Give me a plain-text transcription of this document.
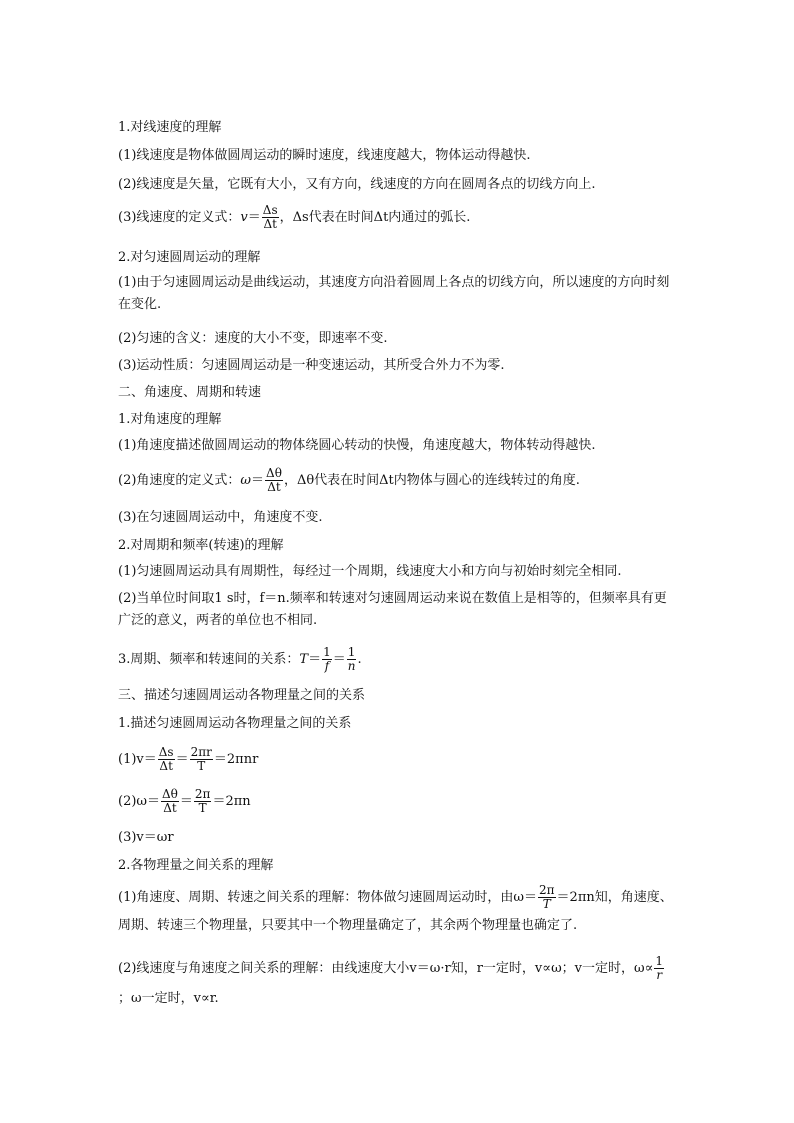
1.对线速度的理解
(1)线速度是物体做圆周运动的瞬时速度，线速度越大，物体运动得越快.
(2)线速度是矢量，它既有大小，又有方向，线速度的方向在圆周各点的切线方向上.
(3)线速度的定义式：$v= \frac{\Delta s}{\Delta t}$ ，Δs代表在时间Δt内通过的弧长.
2.对匀速圆周运动的理解
(1)由于匀速圆周运动是曲线运动，其速度方向沿着圆周上各点的切线方向，所以速度的方向时刻在变化.
(2)匀速的含义：速度的大小不变，即速率不变.
(3)运动性质：匀速圆周运动是一种变速运动，其所受合外力不为零.
二、角速度、周期和转速
1.对角速度的理解
(1)角速度描述做圆周运动的物体绕圆心转动的快慢，角速度越大，物体转动得越快.
(2)角速度的定义式：$\omega= \frac{\Delta\theta}{\Delta t}$ ，Δθ代表在时间Δt内物体与圆心的连线转过的角度.
(3)在匀速圆周运动中，角速度不变.
2.对周期和频率(转速)的理解
(1)匀速圆周运动具有周期性，每经过一个周期，线速度大小和方向与初始时刻完全相同.
(2)当单位时间取1 s时，f＝n.频率和转速对匀速圆周运动来说在数值上是相等的，但频率具有更广泛的意义，两者的单位也不相同.
3.周期、频率和转速间的关系：$T= \frac{1}{f} = \frac{1}{n}$ .
三、描述匀速圆周运动各物理量之间的关系
1.描述匀速圆周运动各物理量之间的关系
$(1)v= \frac{\Delta s}{\Delta t} = \frac{2\pi r}{T} =2\pi nr$
$(2)\omega= \frac{\Delta\theta}{\Delta t} = \frac{2\pi}{T} =2\pi n$
(3)v＝ωr
2.各物理量之间关系的理解
(1)角速度、周期、转速之间关系的理解：物体做匀速圆周运动时，由$\omega= \frac{2\pi}{T} =2\pi n$知，角速度、周期、转速三个物理量，只要其中一个物理量确定了，其余两个物理量也确定了.
(2)线速度与角速度之间关系的理解：由线速度大小v＝ω·r知，r一定时，v∝ω；v一定时，$\omega\propto \frac{1}{r}$
；ω一定时，v∝r.
